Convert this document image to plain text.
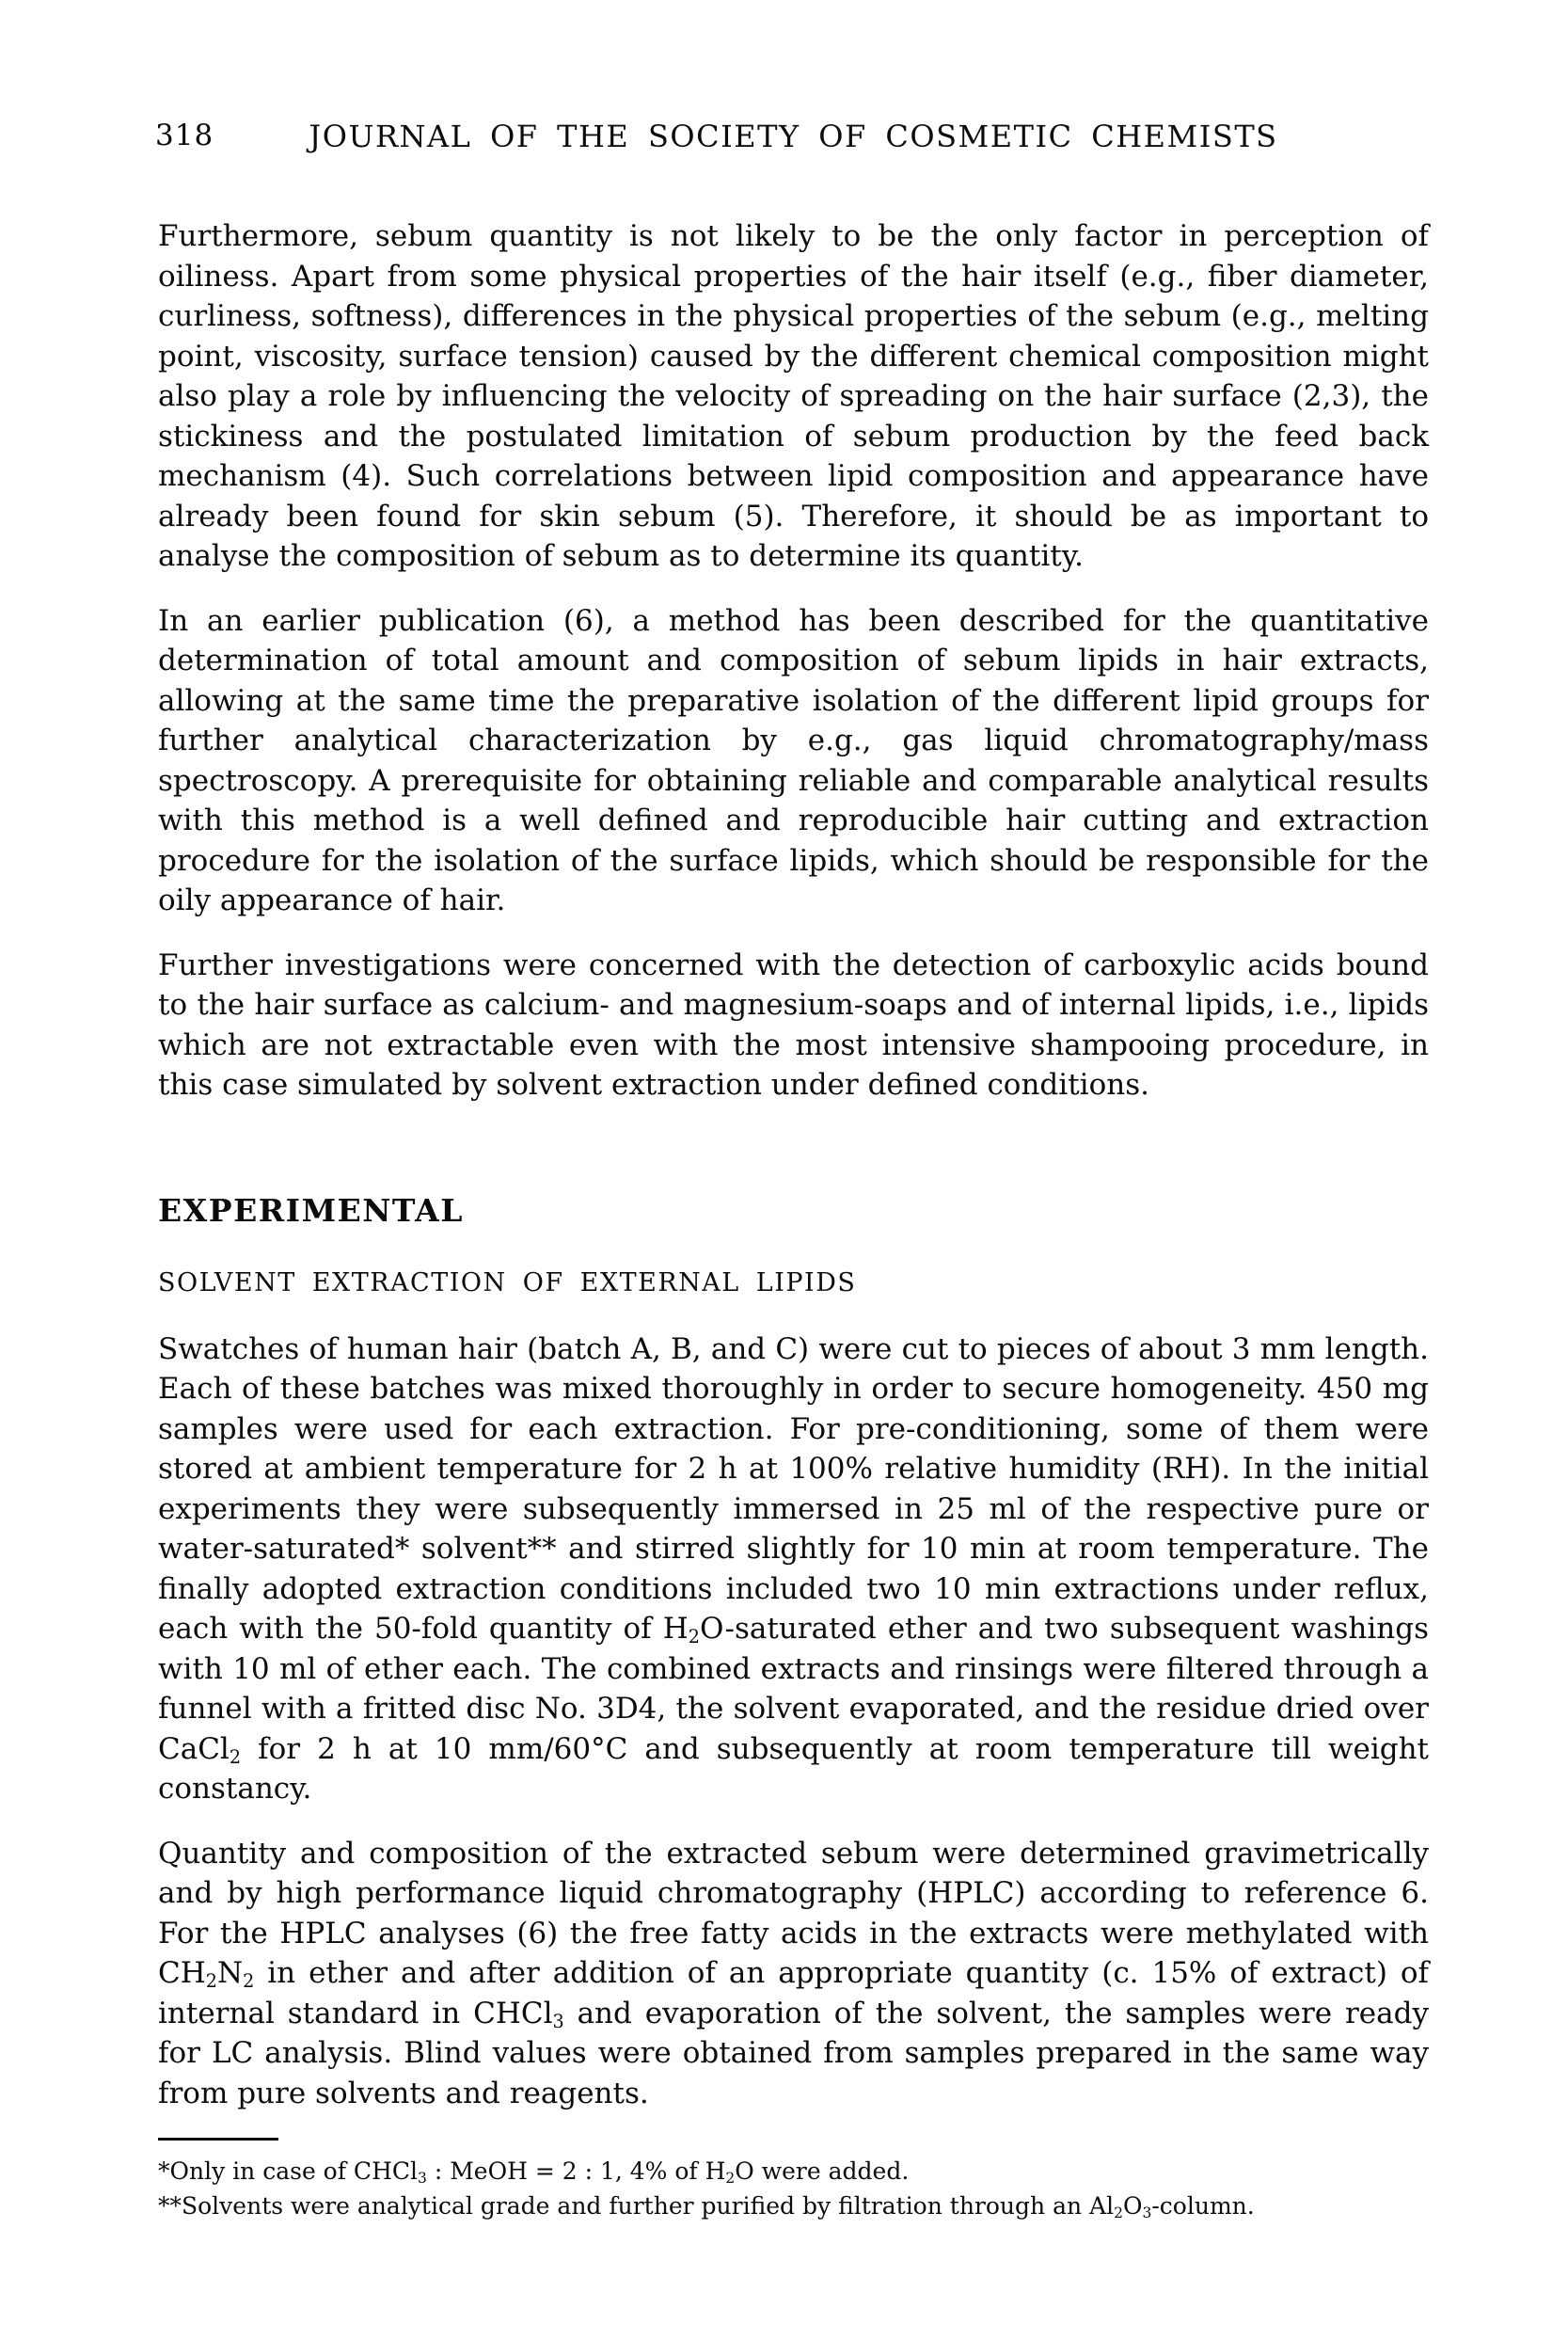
318	JOURNAL OF THE SOCIETY OF COSMETIC CHEMISTS

Furthermore, sebum quantity is not likely to be the only factor in perception of oiliness. Apart from some physical properties of the hair itself (e.g., fiber diameter, curliness, softness), differences in the physical properties of the sebum (e.g., melting point, viscosity, surface tension) caused by the different chemical composition might also play a role by influencing the velocity of spreading on the hair surface (2,3), the stickiness and the postulated limitation of sebum production by the feed back mechanism (4). Such correlations between lipid composition and appearance have already been found for skin sebum (5). Therefore, it should be as important to analyse the composition of sebum as to determine its quantity.

In an earlier publication (6), a method has been described for the quantitative determination of total amount and composition of sebum lipids in hair extracts, allowing at the same time the preparative isolation of the different lipid groups for further analytical characterization by e.g., gas liquid chromatography/mass spectroscopy. A prerequisite for obtaining reliable and comparable analytical results with this method is a well defined and reproducible hair cutting and extraction procedure for the isolation of the surface lipids, which should be responsible for the oily appearance of hair.

Further investigations were concerned with the detection of carboxylic acids bound to the hair surface as calcium- and magnesium-soaps and of internal lipids, i.e., lipids which are not extractable even with the most intensive shampooing procedure, in this case simulated by solvent extraction under defined conditions.

EXPERIMENTAL
SOLVENT EXTRACTION OF EXTERNAL LIPIDS

Swatches of human hair (batch A, B, and C) were cut to pieces of about 3 mm length. Each of these batches was mixed thoroughly in order to secure homogeneity. 450 mg samples were used for each extraction. For pre-conditioning, some of them were stored at ambient temperature for 2 h at 100% relative humidity (RH). In the initial experiments they were subsequently immersed in 25 ml of the respective pure or water-saturated* solvent** and stirred slightly for 10 min at room temperature. The finally adopted extraction conditions included two 10 min extractions under reflux, each with the 50-fold quantity of $H_2O$-saturated ether and two subsequent washings with 10 ml of ether each. The combined extracts and rinsings were filtered through a funnel with a fritted disc No. 3D4, the solvent evaporated, and the residue dried over CaCl$_2$ for 2 h at 10 mm/60°C and subsequently at room temperature till weight constancy.

Quantity and composition of the extracted sebum were determined gravimetrically and by high performance liquid chromatography (HPLC) according to reference 6. For the HPLC analyses (6) the free fatty acids in the extracts were methylated with $CH_2N_2$ in ether and after addition of an appropriate quantity (c. 15% of extract) of internal standard in CHCl$_3$ and evaporation of the solvent, the samples were ready for LC analysis. Blind values were obtained from samples prepared in the same way from pure solvents and reagents.

*Only in case of CHCl$_3$ : MeOH = 2 : 1, 4% of $H_2O$ were added.

**Solvents were analytical grade and further purified by filtration through an $Al_2O_3$-column.
